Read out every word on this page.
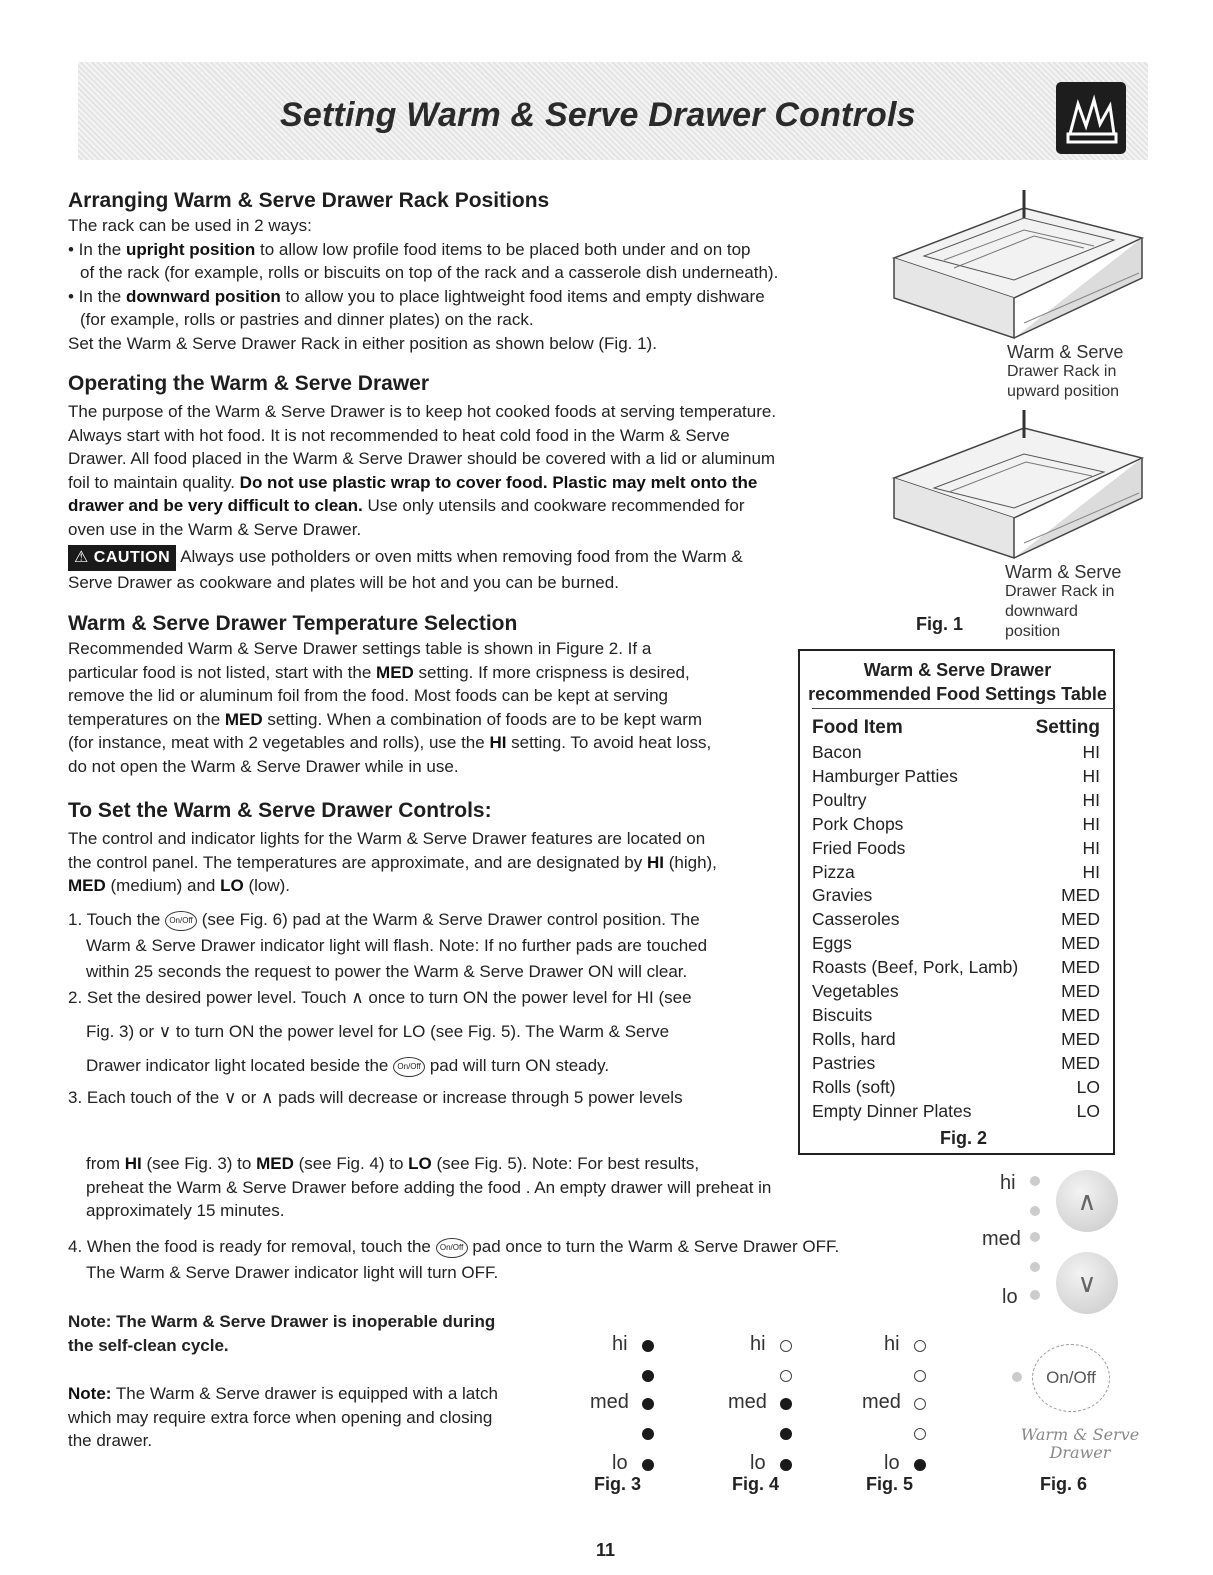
Setting Warm & Serve Drawer Controls
Arranging Warm & Serve Drawer Rack Positions
The rack can be used in 2 ways:
• In the upright position to allow low profile food items to be placed both under and on top
of the rack (for example, rolls or biscuits on top of the rack and a casserole dish underneath).
• In the downward position to allow you to place lightweight food items and empty dishware
(for example, rolls or pastries and dinner plates) on the rack.
Set the Warm & Serve Drawer Rack in either position as shown below (Fig. 1).
Operating the Warm & Serve Drawer
The purpose of the Warm & Serve Drawer is to keep hot cooked foods at serving temperature.
Always start with hot food. It is not recommended to heat cold food in the Warm & Serve
Drawer. All food placed in the Warm & Serve Drawer should be covered with a lid or aluminum
foil to maintain quality. Do not use plastic wrap to cover food. Plastic may melt onto the
drawer and be very difficult to clean. Use only utensils and cookware recommended for
oven use in the Warm & Serve Drawer.
⚠ CAUTION Always use potholders or oven mitts when removing food from the Warm &
Serve Drawer as cookware and plates will be hot and you can be burned.
Warm & Serve Drawer Temperature Selection
Recommended Warm & Serve Drawer settings table is shown in Figure 2. If a
particular food is not listed, start with the MED setting. If more crispness is desired,
remove the lid or aluminum foil from the food. Most foods can be kept at serving
temperatures on the MED setting. When a combination of foods are to be kept warm
(for instance, meat with 2 vegetables and rolls), use the HI setting. To avoid heat loss,
do not open the Warm & Serve Drawer while in use.
To Set the Warm & Serve Drawer Controls:
The control and indicator lights for the Warm & Serve Drawer features are located on
the control panel. The temperatures are approximate, and are designated by HI (high),
MED (medium) and LO (low).
1. Touch the On/Off (see Fig. 6) pad at the Warm & Serve Drawer control position. The
Warm & Serve Drawer indicator light will flash. Note: If no further pads are touched
within 25 seconds the request to power the Warm & Serve Drawer ON will clear.
2. Set the desired power level. Touch ∧ once to turn ON the power level for HI (see
Fig. 3) or ∨ to turn ON the power level for LO (see Fig. 5). The Warm & Serve
Drawer indicator light located beside the On/Off pad will turn ON steady.
3. Each touch of the ∨ or ∧ pads will decrease or increase through 5 power levels
from HI (see Fig. 3) to MED (see Fig. 4) to LO (see Fig. 5). Note: For best results,
preheat the Warm & Serve Drawer before adding the food . An empty drawer will preheat in
approximately 15 minutes.
4. When the food is ready for removal, touch the On/Off pad once to turn the Warm & Serve Drawer OFF.
The Warm & Serve Drawer indicator light will turn OFF.
Note: The Warm & Serve Drawer is inoperable during
the self-clean cycle.
Note: The Warm & Serve drawer is equipped with a latch
which may require extra force when opening and closing
the drawer.
Warm & Serve
Drawer Rack in
upward position
Warm & Serve
Drawer Rack in
downward
position
Fig. 1
Warm & Serve Drawer
recommended Food Settings Table
Food Item	Setting
Bacon	HI
Hamburger Patties	HI
Poultry	HI
Pork Chops	HI
Fried Foods	HI
Pizza	HI
Gravies	MED
Casseroles	MED
Eggs	MED
Roasts (Beef, Pork, Lamb) MED
Vegetables	MED
Biscuits	MED
Rolls, hard	MED
Pastries	MED
Rolls (soft)	LO
Empty Dinner Plates	LO
Fig. 2
hi
med
lo
Fig. 3
hi
med
lo
Fig. 4
hi
med
lo
Fig. 5
hi
med
lo
∧
∨
On/Off
Warm & Serve
Drawer
Fig. 6
11
